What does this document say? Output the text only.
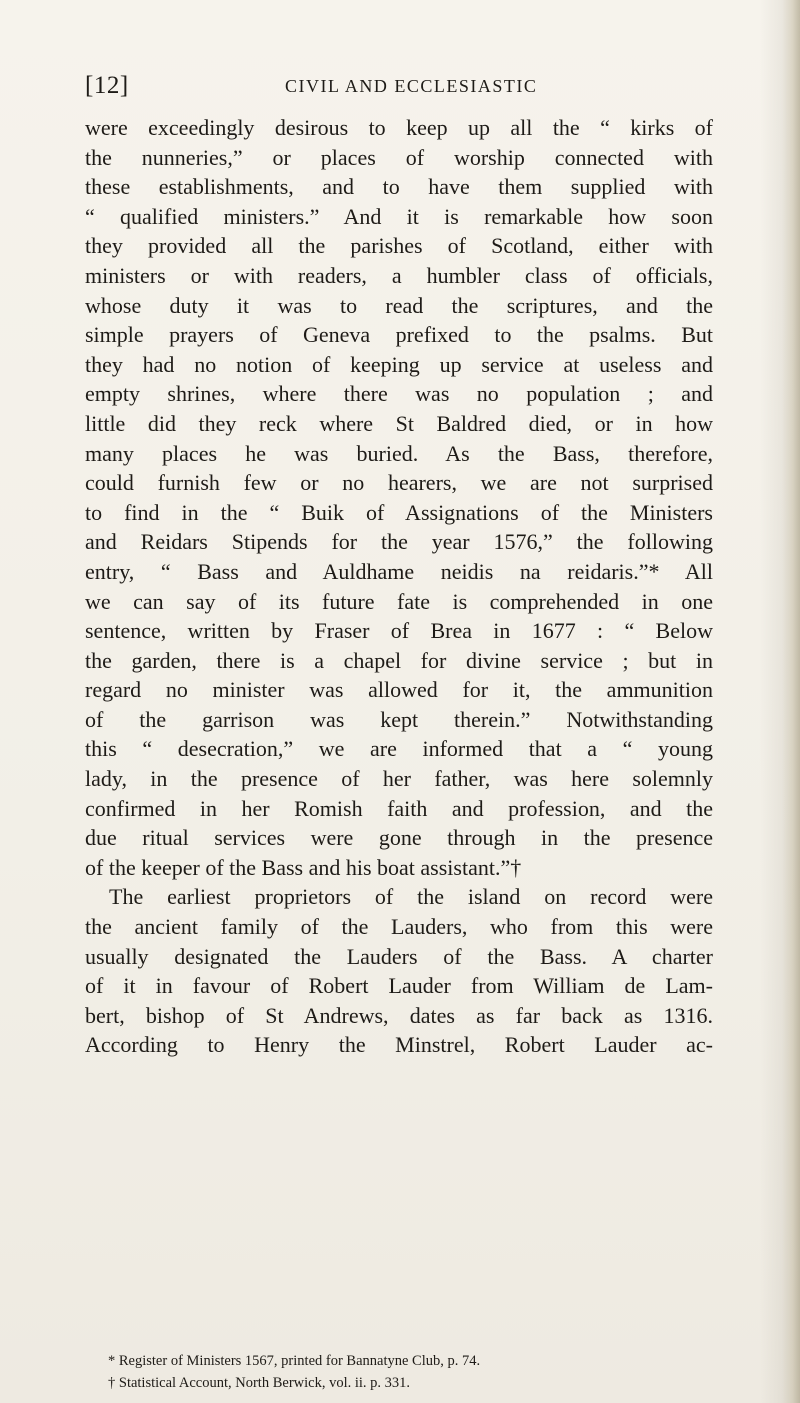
[12]	CIVIL AND ECCLESIASTIC
were exceedingly desirous to keep up all the “ kirks of
the nunneries,” or places of worship connected with
these establishments, and to have them supplied with
“ qualified ministers.” And it is remarkable how soon
they provided all the parishes of Scotland, either with
ministers or with readers, a humbler class of officials,
whose duty it was to read the scriptures, and the
simple prayers of Geneva prefixed to the psalms. But
they had no notion of keeping up service at useless and
empty shrines, where there was no population ; and
little did they reck where St Baldred died, or in how
many places he was buried. As the Bass, therefore,
could furnish few or no hearers, we are not surprised
to find in the “ Buik of Assignations of the Ministers
and Reidars Stipends for the year 1576,” the following
entry, “ Bass and Auldhame neidis na reidaris.”* All
we can say of its future fate is comprehended in one
sentence, written by Fraser of Brea in 1677 : “ Below
the garden, there is a chapel for divine service ; but in
regard no minister was allowed for it, the ammunition
of the garrison was kept therein.” Notwithstanding
this “ desecration,” we are informed that a “ young
lady, in the presence of her father, was here solemnly
confirmed in her Romish faith and profession, and the
due ritual services were gone through in the presence
of the keeper of the Bass and his boat assistant.”†
The earliest proprietors of the island on record were
the ancient family of the Lauders, who from this were
usually designated the Lauders of the Bass. A charter
of it in favour of Robert Lauder from William de Lam-
bert, bishop of St Andrews, dates as far back as 1316.
According to Henry the Minstrel, Robert Lauder ac-
* Register of Ministers 1567, printed for Bannatyne Club, p. 74.
† Statistical Account, North Berwick, vol. ii. p. 331.
